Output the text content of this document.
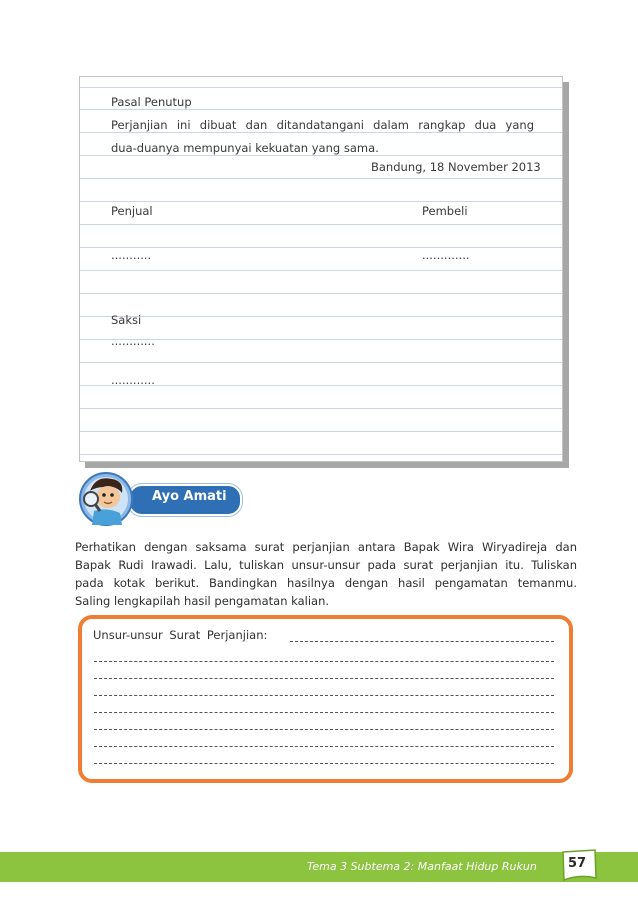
Pasal Penutup
Perjanjian ini dibuat dan ditandatangani dalam rangkap dua yang
dua-duanya mempunyai kekuatan yang sama.
Bandung, 18 November 2013
Penjual	Pembeli
...........	.............
Saksi
............
............
Ayo Amati
Perhatikan dengan saksama surat perjanjian antara Bapak Wira Wiryadireja dan
Bapak Rudi Irawadi. Lalu, tuliskan unsur-unsur pada surat perjanjian itu. Tuliskan
pada kotak berikut. Bandingkan hasilnya dengan hasil pengamatan temanmu.
Saling lengkapilah hasil pengamatan kalian.
Unsur-unsur Surat Perjanjian:
Tema 3 Subtema 2: Manfaat Hidup Rukun 57
